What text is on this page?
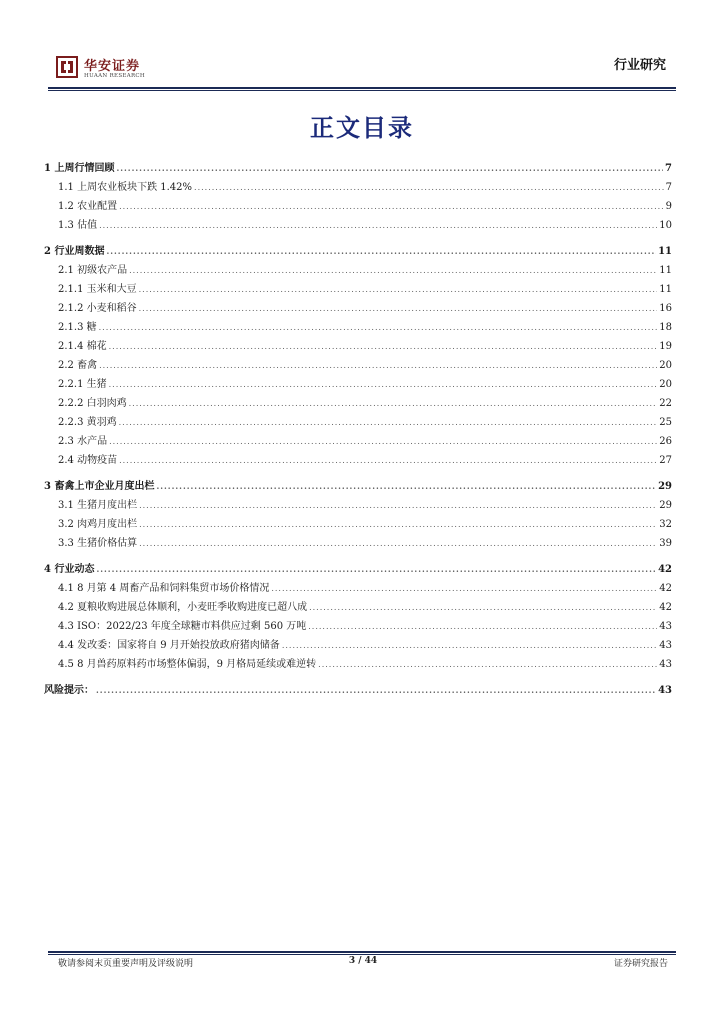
华安证券
HUAAN RESEARCH
行业研究
正文目录
1 上周行情回顾 .....	7
1.1 上周农业板块下跌 1.42% .....	7
1.2 农业配置 .....	9
1.3 估值 .....	10
2 行业周数据 .....	11
2.1 初级农产品 .....	11
2.1.1 玉米和大豆 .....	11
2.1.2 小麦和稻谷 .....	16
2.1.3 糖 .....	18
2.1.4 棉花 .....	19
2.2 畜禽 .....	20
2.2.1 生猪 .....	20
2.2.2 白羽肉鸡 .....	22
2.2.3 黄羽鸡 .....	25
2.3 水产品 .....	26
2.4 动物疫苗 .....	27
3 畜禽上市企业月度出栏 .....	29
3.1 生猪月度出栏 .....	29
3.2 肉鸡月度出栏 .....	32
3.3 生猪价格估算 .....	39
4 行业动态 .....	42
4.1 8 月第 4 周畜产品和饲料集贸市场价格情况 .....	42
4.2 夏粮收购进展总体顺利，小麦旺季收购进度已超八成 .....	42
4.3 ISO：2022/23 年度全球糖市料供应过剩 560 万吨 .....	43
4.4 发改委：国家将自 9 月开始投放政府猪肉储备 .....	43
4.5 8 月兽药原料药市场整体偏弱，9 月格局延续或难逆转 .....	43
风险提示： .....	43
敬请参阅末页重要声明及评级说明	3 / 44	证券研究报告
